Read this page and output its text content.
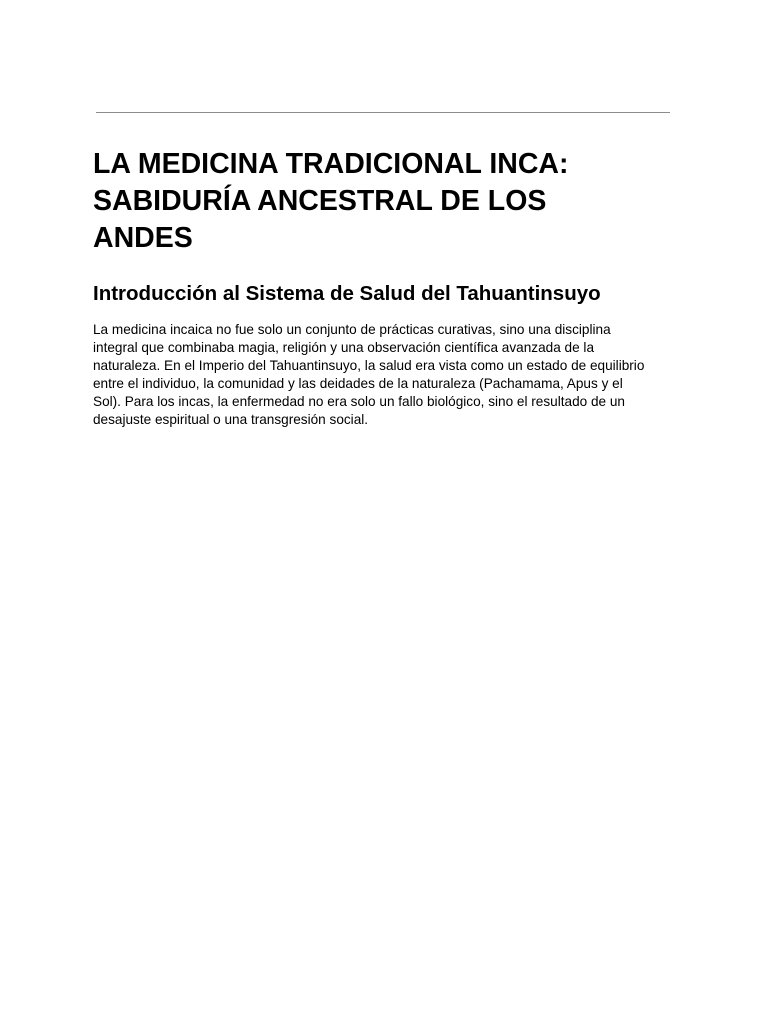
LA MEDICINA TRADICIONAL INCA:
SABIDURÍA ANCESTRAL DE LOS
ANDES
Introducción al Sistema de Salud del Tahuantinsuyo

La medicina incaica no fue solo un conjunto de prácticas curativas, sino una disciplina
integral que combinaba magia, religión y una observación científica avanzada de la
naturaleza. En el Imperio del Tahuantinsuyo, la salud era vista como un estado de equilibrio
entre el individuo, la comunidad y las deidades de la naturaleza (Pachamama, Apus y el
Sol). Para los incas, la enfermedad no era solo un fallo biológico, sino el resultado de un
desajuste espiritual o una transgresión social.
